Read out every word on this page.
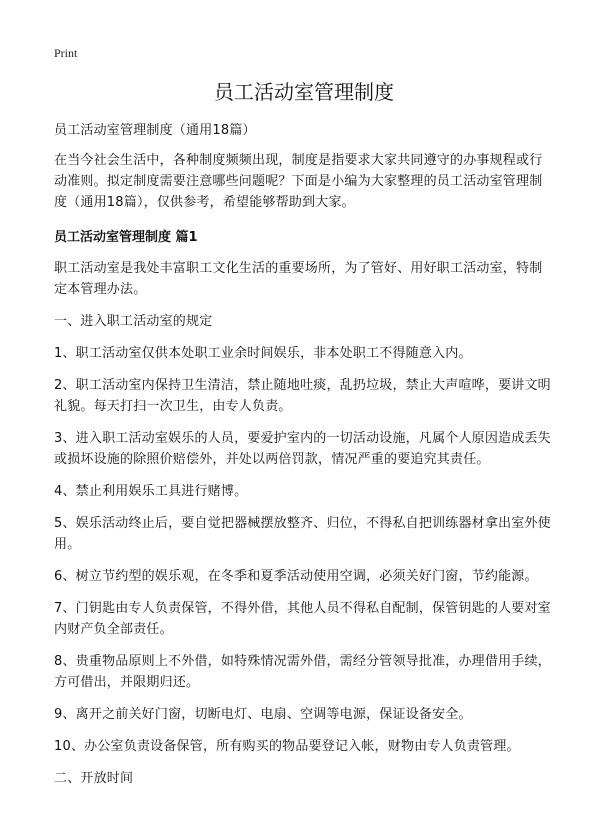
Print
员工活动室管理制度
员工活动室管理制度（通用18篇）
在当今社会生活中，各种制度频频出现，制度是指要求大家共同遵守的办事规程或行动准则。拟定制度需要注意哪些问题呢？下面是小编为大家整理的员工活动室管理制度（通用18篇），仅供参考，希望能够帮助到大家。
员工活动室管理制度 篇1
职工活动室是我处丰富职工文化生活的重要场所，为了管好、用好职工活动室，特制定本管理办法。
一、进入职工活动室的规定
1、职工活动室仅供本处职工业余时间娱乐，非本处职工不得随意入内。
2、职工活动室内保持卫生清洁，禁止随地吐痰，乱扔垃圾，禁止大声喧哗，要讲文明礼貌。每天打扫一次卫生，由专人负责。
3、进入职工活动室娱乐的人员，要爱护室内的一切活动设施，凡属个人原因造成丢失或损坏设施的除照价赔偿外，并处以两倍罚款，情况严重的要追究其责任。
4、禁止利用娱乐工具进行赌博。
5、娱乐活动终止后，要自觉把器械摆放整齐、归位，不得私自把训练器材拿出室外使用。
6、树立节约型的娱乐观，在冬季和夏季活动使用空调，必须关好门窗，节约能源。
7、门钥匙由专人负责保管，不得外借，其他人员不得私自配制，保管钥匙的人要对室内财产负全部责任。
8、贵重物品原则上不外借，如特殊情况需外借，需经分管领导批准，办理借用手续，方可借出，并限期归还。
9、离开之前关好门窗，切断电灯、电扇、空调等电源，保证设备安全。
10、办公室负责设备保管，所有购买的物品要登记入帐，财物由专人负责管理。
二、开放时间
